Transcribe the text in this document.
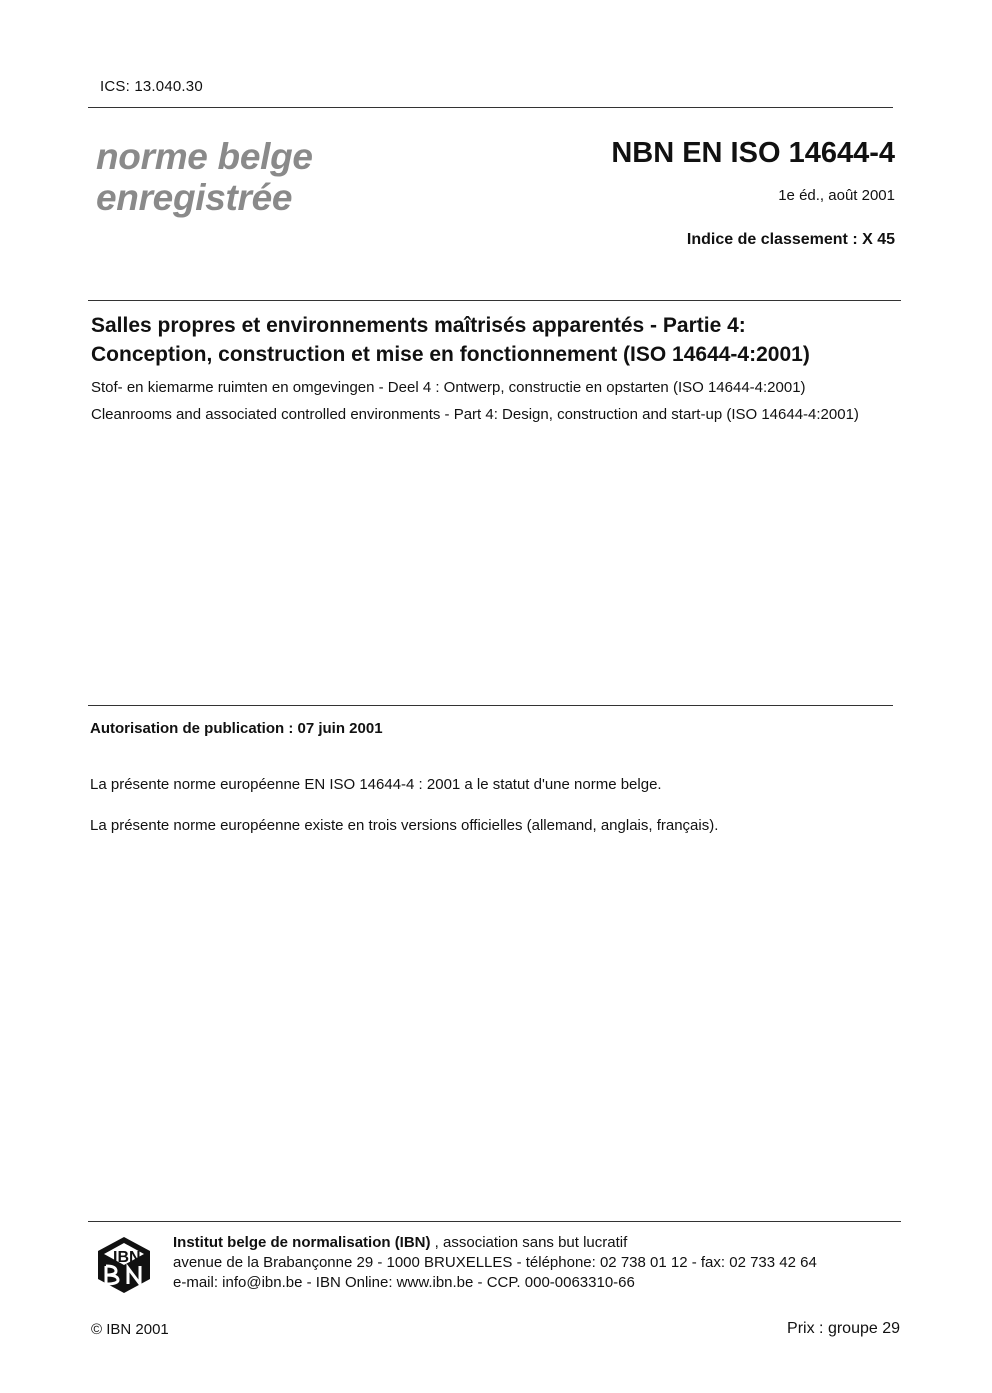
ICS: 13.040.30
norme belge
enregistrée
NBN EN ISO 14644-4
1e éd., août 2001
Indice de classement : X 45
Salles propres et environnements maîtrisés apparentés - Partie 4:
Conception, construction et mise en fonctionnement (ISO 14644-4:2001)
Stof- en kiemarme ruimten en omgevingen - Deel 4 : Ontwerp, constructie en opstarten (ISO 14644-4:2001)
Cleanrooms and associated controlled environments - Part 4: Design, construction and start-up (ISO 14644-4:2001)
Autorisation de publication : 07 juin 2001
La présente norme européenne EN ISO 14644-4 : 2001 a le statut d'une norme belge.
La présente norme européenne existe en trois versions officielles (allemand, anglais, français).
IBN
Institut belge de normalisation (IBN) , association sans but lucratif
avenue de la Brabançonne 29 - 1000 BRUXELLES - téléphone: 02 738 01 12 - fax: 02 733 42 64
e-mail: info@ibn.be - IBN Online: www.ibn.be - CCP. 000-0063310-66
© IBN 2001	Prix : groupe 29
